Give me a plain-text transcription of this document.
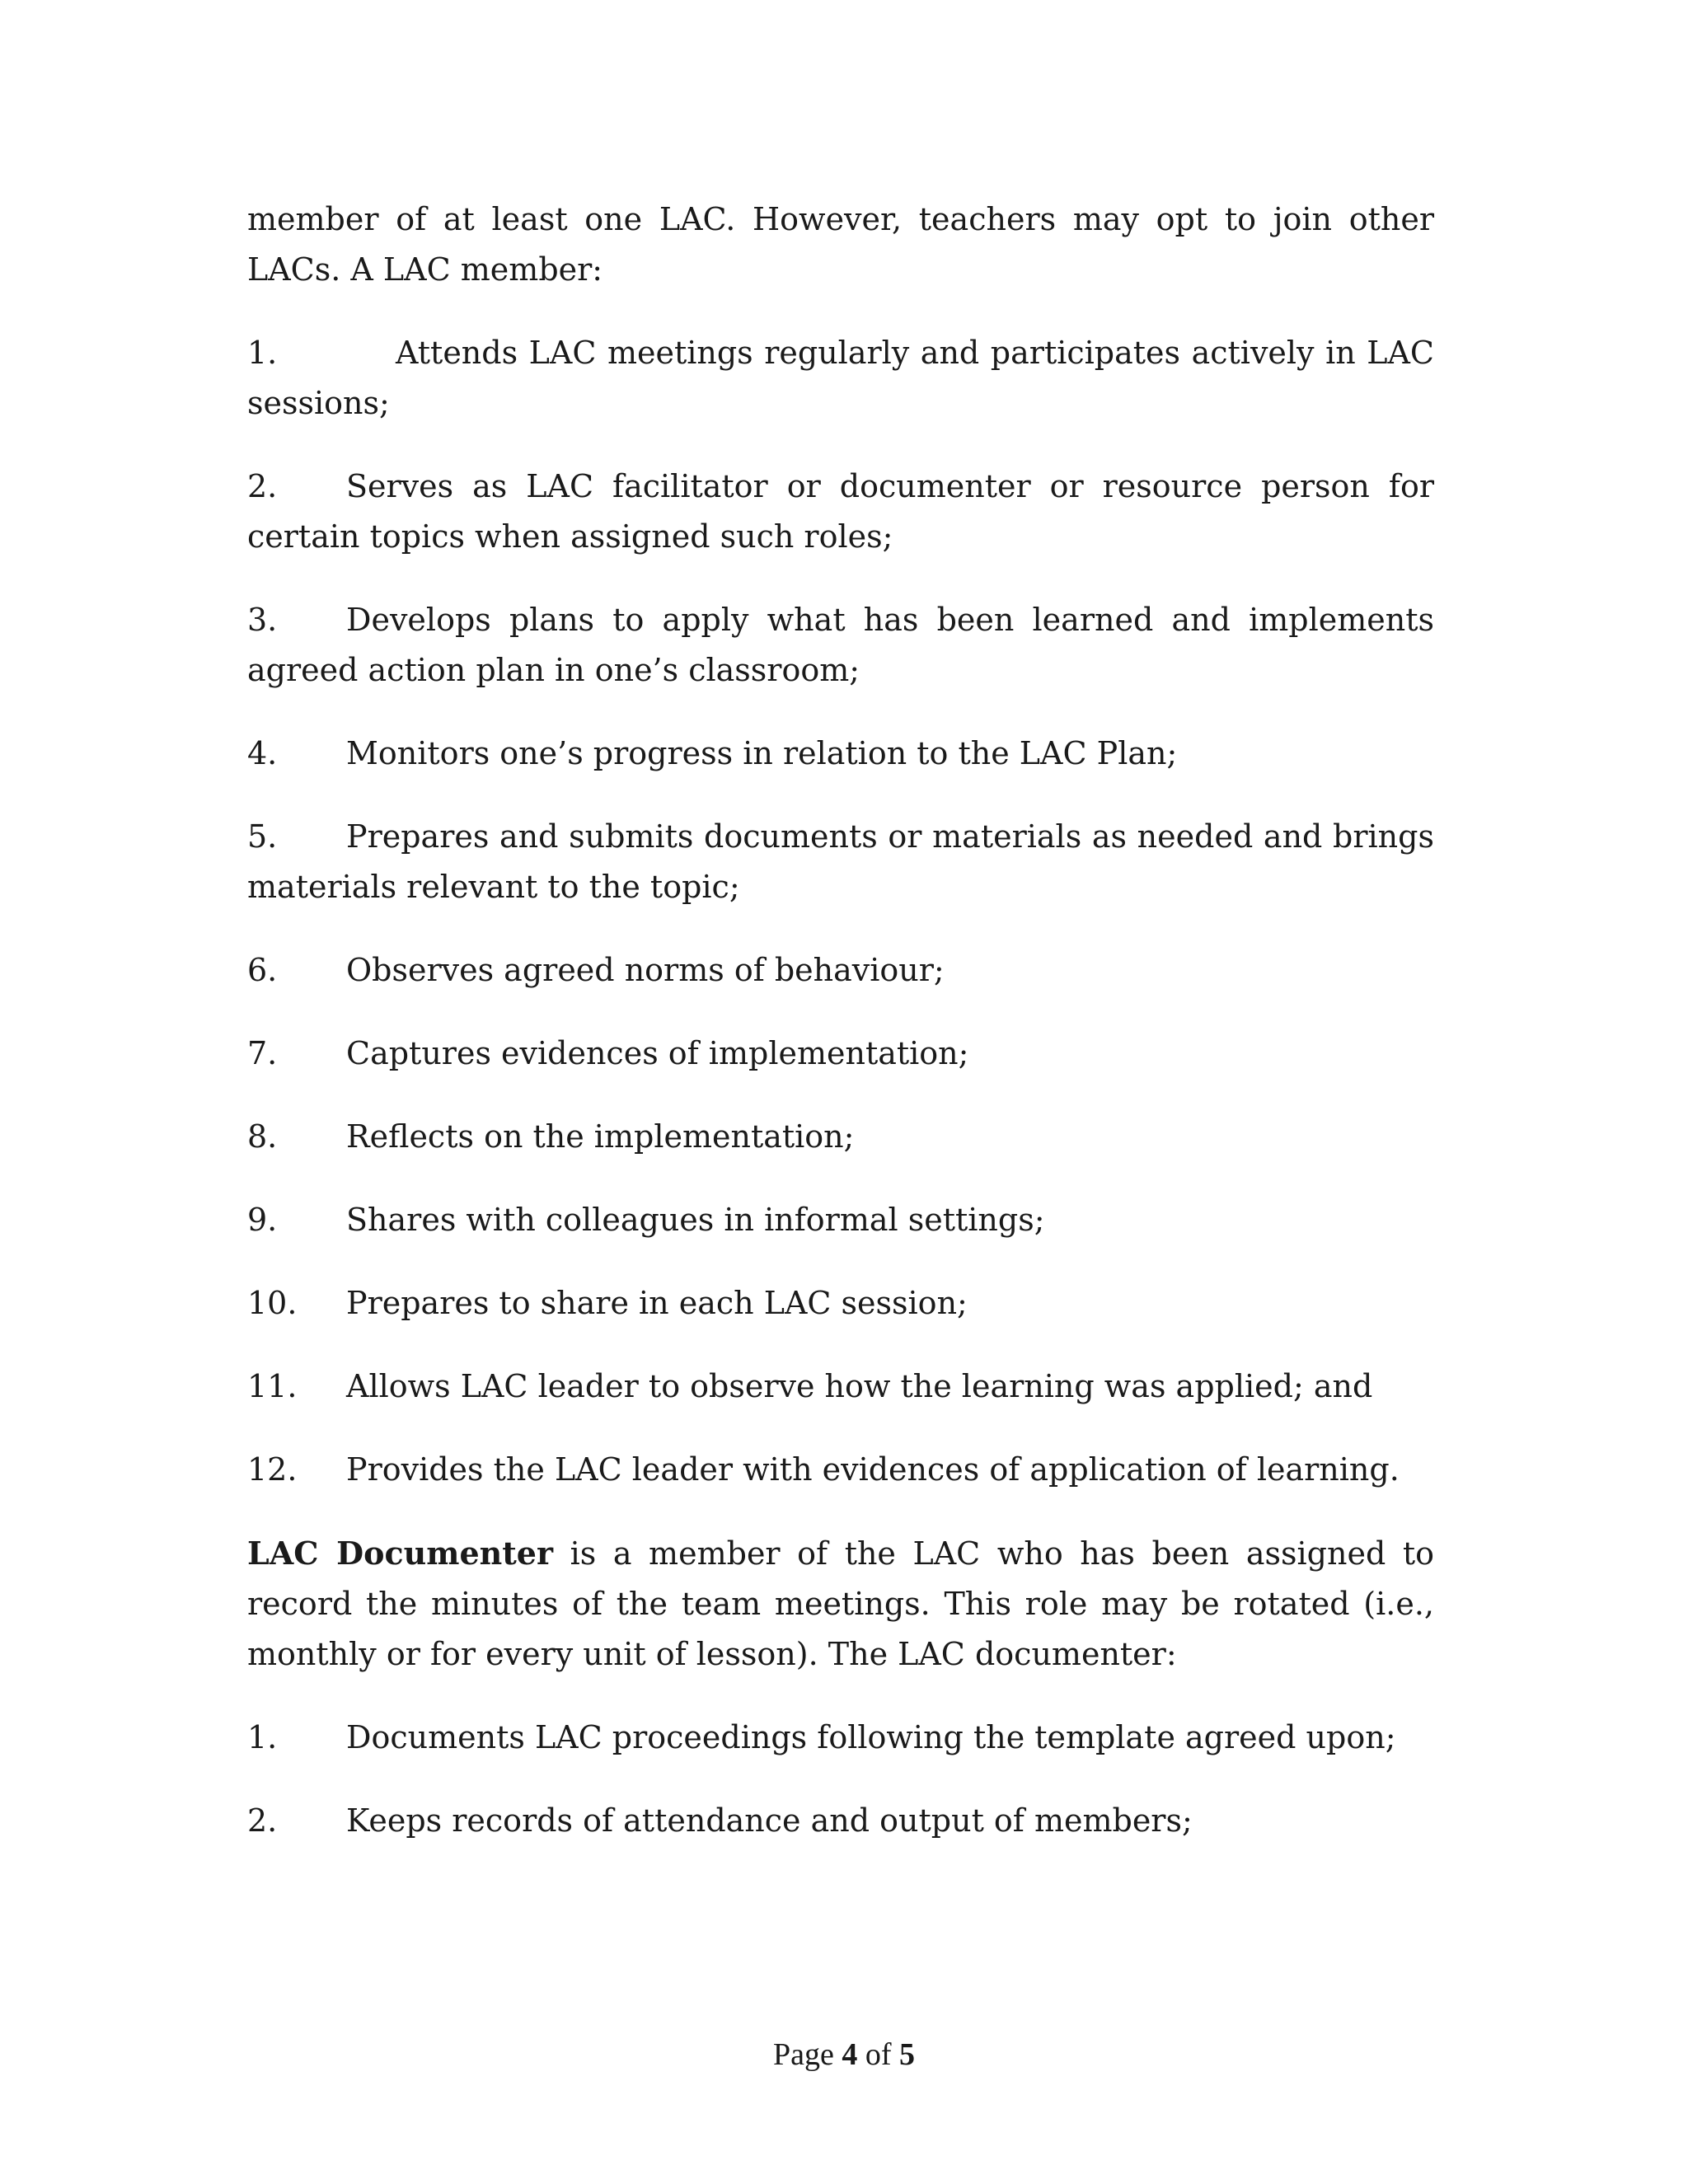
member of at least one LAC. However, teachers may opt to join other LACs. A LAC member:

1.	Attends LAC meetings regularly and participates actively in LAC sessions;

2. Serves as LAC facilitator or documenter or resource person for certain topics when assigned such roles;

3. Develops plans to apply what has been learned and implements agreed action plan in one’s classroom;

4. Monitors one’s progress in relation to the LAC Plan;

5. Prepares and submits documents or materials as needed and brings materials relevant to the topic;

6. Observes agreed norms of behaviour;

7. Captures evidences of implementation;

8. Reflects on the implementation;

9. Shares with colleagues in informal settings;

10. Prepares to share in each LAC session;

11. Allows LAC leader to observe how the learning was applied; and

12. Provides the LAC leader with evidences of application of learning.

LAC Documenter is a member of the LAC who has been assigned to record the minutes of the team meetings. This role may be rotated (i.e., monthly or for every unit of lesson). The LAC documenter:

1. Documents LAC proceedings following the template agreed upon;

2. Keeps records of attendance and output of members;

Page 4 of 5
